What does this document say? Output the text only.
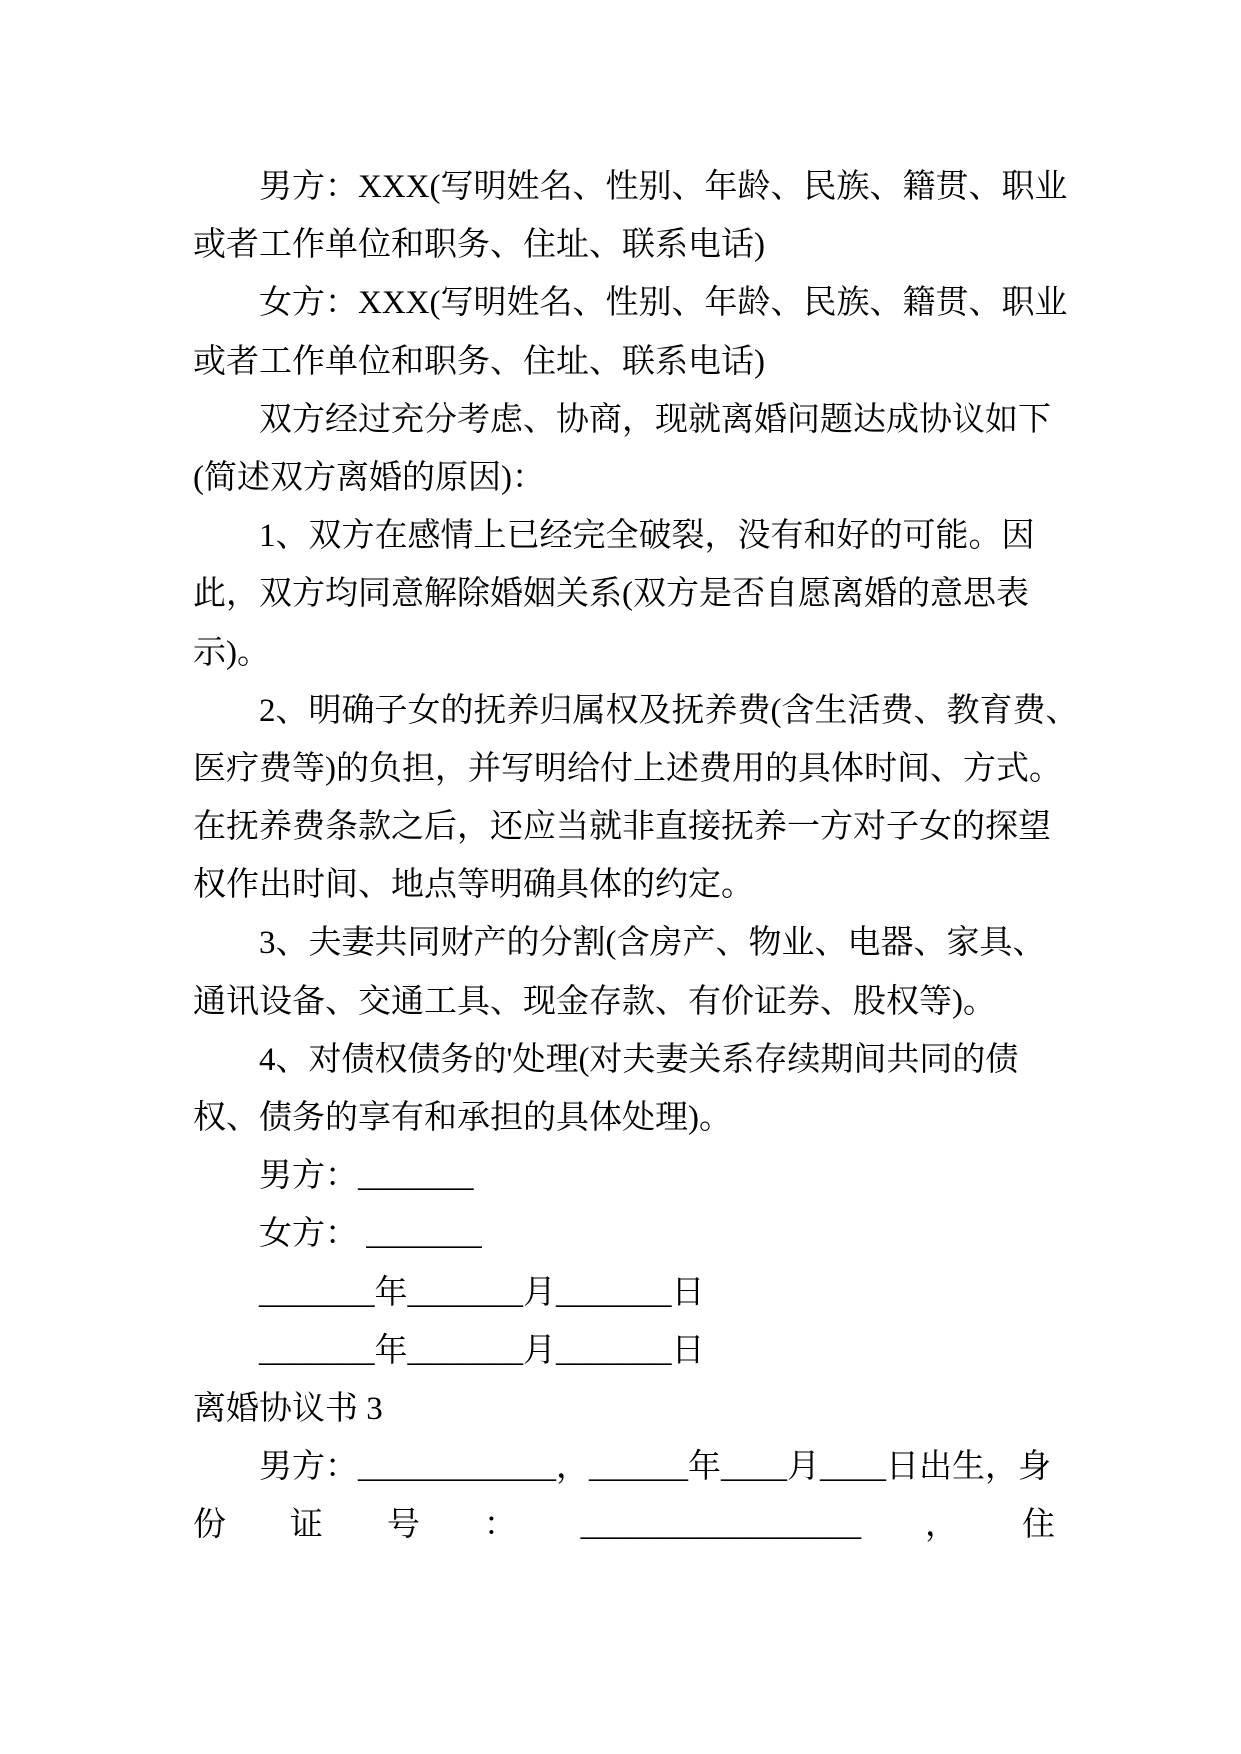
男方：XXX(写明姓名、性别、年龄、民族、籍贯、职业
或者工作单位和职务、住址、联系电话)
女方：XXX(写明姓名、性别、年龄、民族、籍贯、职业
或者工作单位和职务、住址、联系电话)
双方经过充分考虑、协商，现就离婚问题达成协议如下
(简述双方离婚的原因)：
1、双方在感情上已经完全破裂，没有和好的可能。因
此，双方均同意解除婚姻关系(双方是否自愿离婚的意思表
示)。
2、明确子女的抚养归属权及抚养费(含生活费、教育费、
医疗费等)的负担，并写明给付上述费用的具体时间、方式。
在抚养费条款之后，还应当就非直接抚养一方对子女的探望
权作出时间、地点等明确具体的约定。
3、夫妻共同财产的分割(含房产、物业、电器、家具、
通讯设备、交通工具、现金存款、有价证券、股权等)。
4、对债权债务的'处理(对夫妻关系存续期间共同的债
权、债务的享有和承担的具体处理)。
男方：_______
女方： _______
_______年_______月_______日
_______年_______月_______日
离婚协议书 3
男方：____________，______年____月____日出生，身
份 证 号 ： _________________ ， 住
